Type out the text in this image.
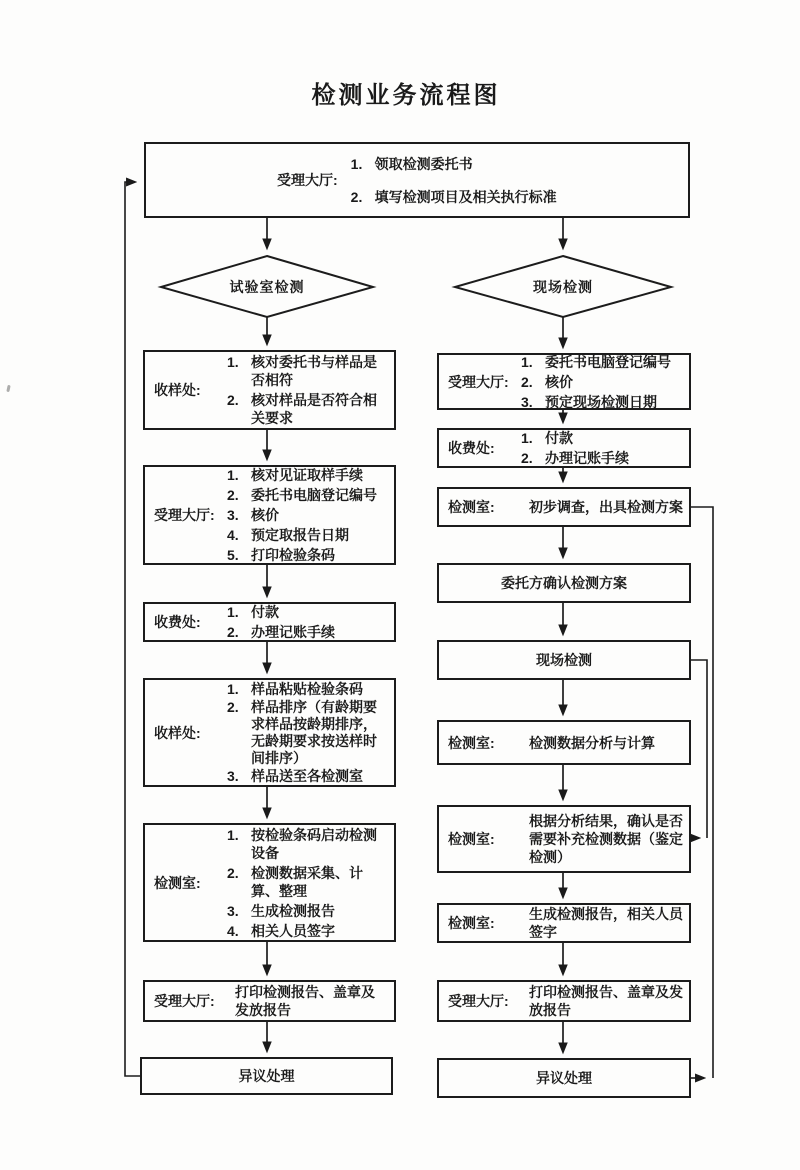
检测业务流程图
受理大厅:
1. 领取检测委托书
2. 填写检测项目及相关执行标准
试验室检测	现场检测
收样处:
1. 核对委托书与样品是否相符
2. 核对样品是否符合相关要求
受理大厅:
1. 核对见证取样手续
2. 委托书电脑登记编号
3. 核价
4. 预定取报告日期
5. 打印检验条码
收费处:
1. 付款
2. 办理记账手续
收样处:
1. 样品粘贴检验条码
2. 样品排序（有龄期要求样品按龄期排序，无龄期要求按送样时间排序）
3. 样品送至各检测室
检测室:
1. 按检验条码启动检测设备
2. 检测数据采集、计算、整理
3. 生成检测报告
4. 相关人员签字
受理大厅:
打印检测报告、盖章及发放报告
异议处理
受理大厅:
1. 委托书电脑登记编号
2. 核价
3. 预定现场检测日期
收费处:
1. 付款
2. 办理记账手续
检测室:	初步调查，出具检测方案
委托方确认检测方案
现场检测
检测室:	检测数据分析与计算
检测室:
根据分析结果，确认是否需要补充检测数据（鉴定检测）
检测室:
生成检测报告，相关人员签字
受理大厅:
打印检测报告、盖章及发放报告
异议处理
